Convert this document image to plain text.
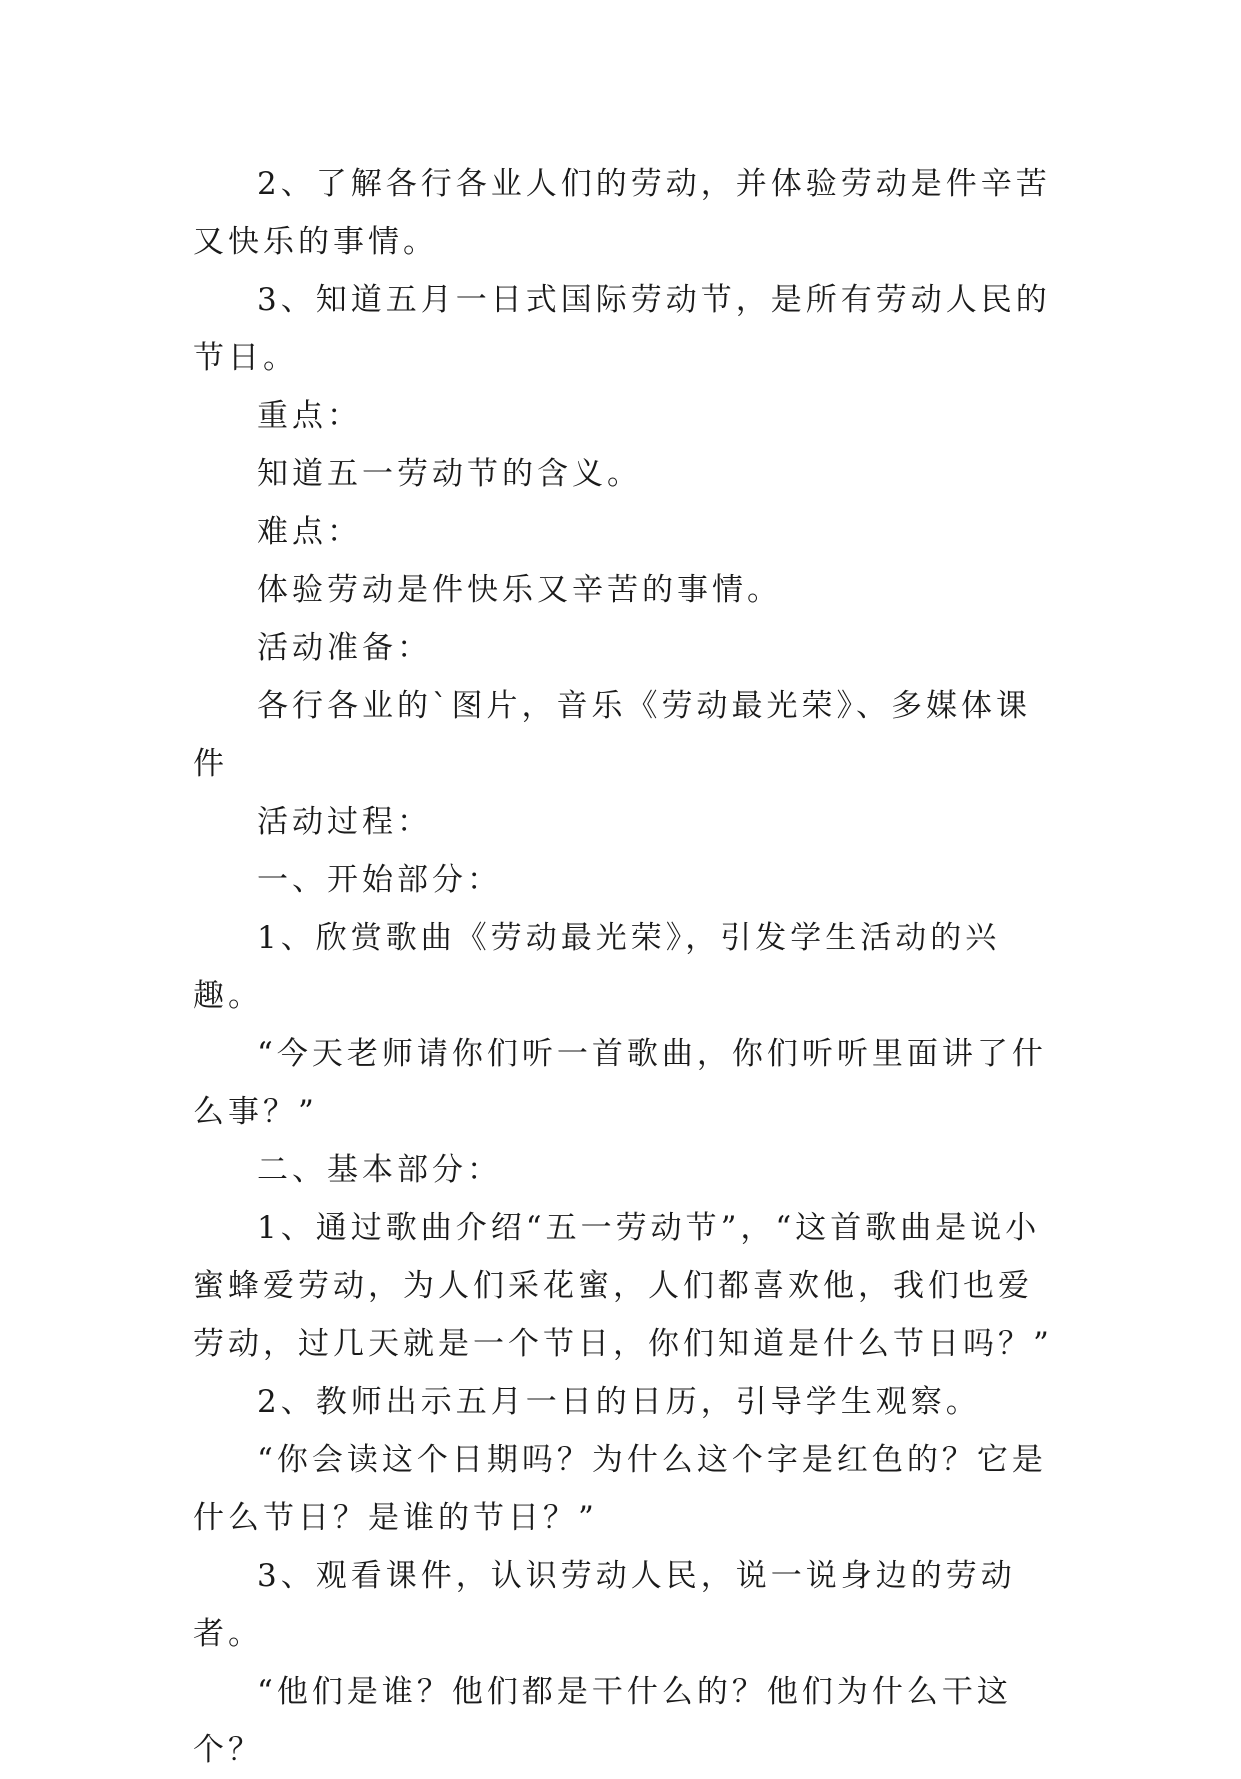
2、了解各行各业人们的劳动，并体验劳动是件辛苦又快乐的事情。

3、知道五月一日式国际劳动节，是所有劳动人民的节日。

重点：

知道五一劳动节的含义。

难点：

体验劳动是件快乐又辛苦的事情。

活动准备：

各行各业的`图片，音乐《劳动最光荣》、多媒体课件

活动过程：

一、开始部分：

1、欣赏歌曲《劳动最光荣》，引发学生活动的兴趣。

“今天老师请你们听一首歌曲，你们听听里面讲了什么事？”

二、基本部分：

1、通过歌曲介绍“五一劳动节”，“这首歌曲是说小蜜蜂爱劳动，为人们采花蜜，人们都喜欢他，我们也爱劳动，过几天就是一个节日，你们知道是什么节日吗？”

2、教师出示五月一日的日历，引导学生观察。

“你会读这个日期吗？为什么这个字是红色的？它是什么节日？是谁的节日？”

3、观看课件，认识劳动人民，说一说身边的劳动者。

“他们是谁？他们都是干什么的？他们为什么干这个？
